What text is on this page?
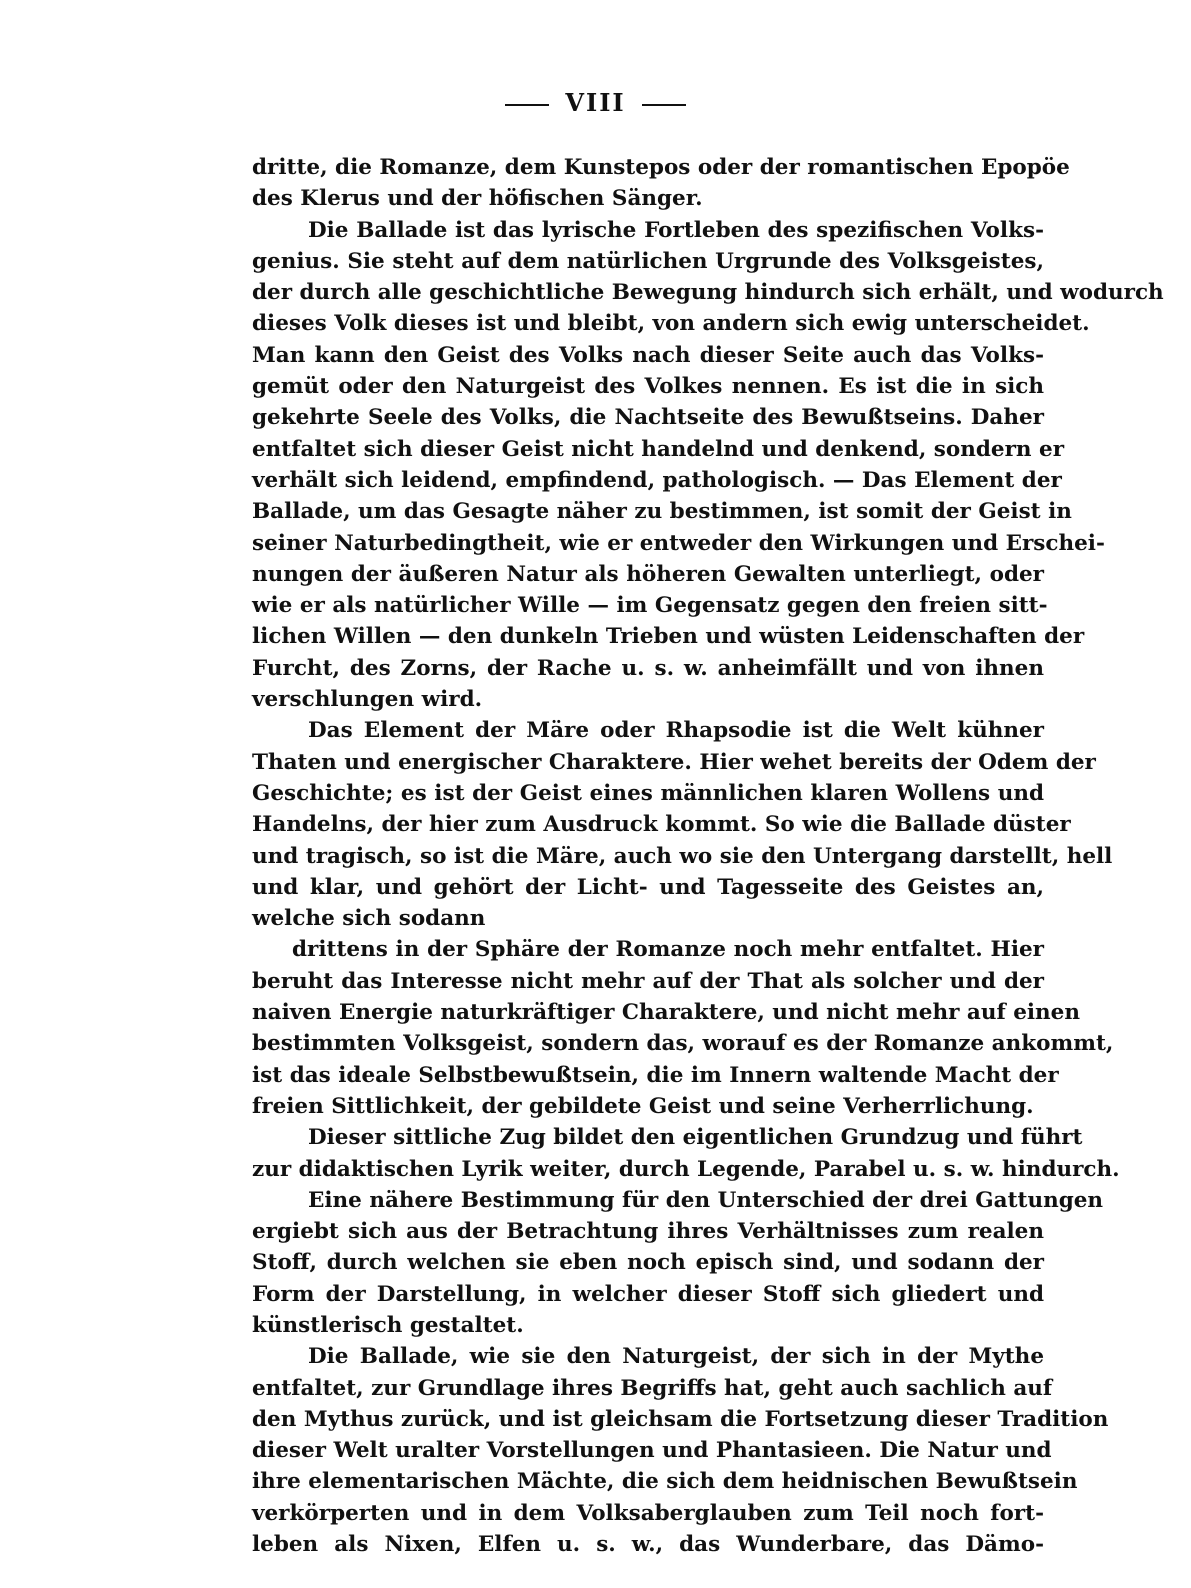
VIII
dritte, die Romanze, dem Kunstepos oder der romantischen Epopöe
des Klerus und der höfischen Sänger.
Die Ballade ist das lyrische Fortleben des spezifischen Volks-
genius. Sie steht auf dem natürlichen Urgrunde des Volksgeistes,
der durch alle geschichtliche Bewegung hindurch sich erhält, und wodurch
dieses Volk dieses ist und bleibt, von andern sich ewig unterscheidet.
Man kann den Geist des Volks nach dieser Seite auch das Volks-
gemüt oder den Naturgeist des Volkes nennen. Es ist die in sich
gekehrte Seele des Volks, die Nachtseite des Bewußtseins. Daher
entfaltet sich dieser Geist nicht handelnd und denkend, sondern er
verhält sich leidend, empfindend, pathologisch. — Das Element der
Ballade, um das Gesagte näher zu bestimmen, ist somit der Geist in
seiner Naturbedingtheit, wie er entweder den Wirkungen und Erschei-
nungen der äußeren Natur als höheren Gewalten unterliegt, oder
wie er als natürlicher Wille — im Gegensatz gegen den freien sitt-
lichen Willen — den dunkeln Trieben und wüsten Leidenschaften der
Furcht, des Zorns, der Rache u. s. w. anheimfällt und von ihnen
verschlungen wird.
Das Element der Märe oder Rhapsodie ist die Welt kühner
Thaten und energischer Charaktere. Hier wehet bereits der Odem der
Geschichte; es ist der Geist eines männlichen klaren Wollens und
Handelns, der hier zum Ausdruck kommt. So wie die Ballade düster
und tragisch, so ist die Märe, auch wo sie den Untergang darstellt, hell
und klar, und gehört der Licht- und Tagesseite des Geistes an,
welche sich sodann
drittens in der Sphäre der Romanze noch mehr entfaltet. Hier
beruht das Interesse nicht mehr auf der That als solcher und der
naiven Energie naturkräftiger Charaktere, und nicht mehr auf einen
bestimmten Volksgeist, sondern das, worauf es der Romanze ankommt,
ist das ideale Selbstbewußtsein, die im Innern waltende Macht der
freien Sittlichkeit, der gebildete Geist und seine Verherrlichung.
Dieser sittliche Zug bildet den eigentlichen Grundzug und führt
zur didaktischen Lyrik weiter, durch Legende, Parabel u. s. w. hindurch.
Eine nähere Bestimmung für den Unterschied der drei Gattungen
ergiebt sich aus der Betrachtung ihres Verhältnisses zum realen
Stoff, durch welchen sie eben noch episch sind, und sodann der
Form der Darstellung, in welcher dieser Stoff sich gliedert und
künstlerisch gestaltet.
Die Ballade, wie sie den Naturgeist, der sich in der Mythe
entfaltet, zur Grundlage ihres Begriffs hat, geht auch sachlich auf
den Mythus zurück, und ist gleichsam die Fortsetzung dieser Tradition
dieser Welt uralter Vorstellungen und Phantasieen. Die Natur und
ihre elementarischen Mächte, die sich dem heidnischen Bewußtsein
verkörperten und in dem Volksaberglauben zum Teil noch fort-
leben als Nixen, Elfen u. s. w., das Wunderbare, das Dämo-
